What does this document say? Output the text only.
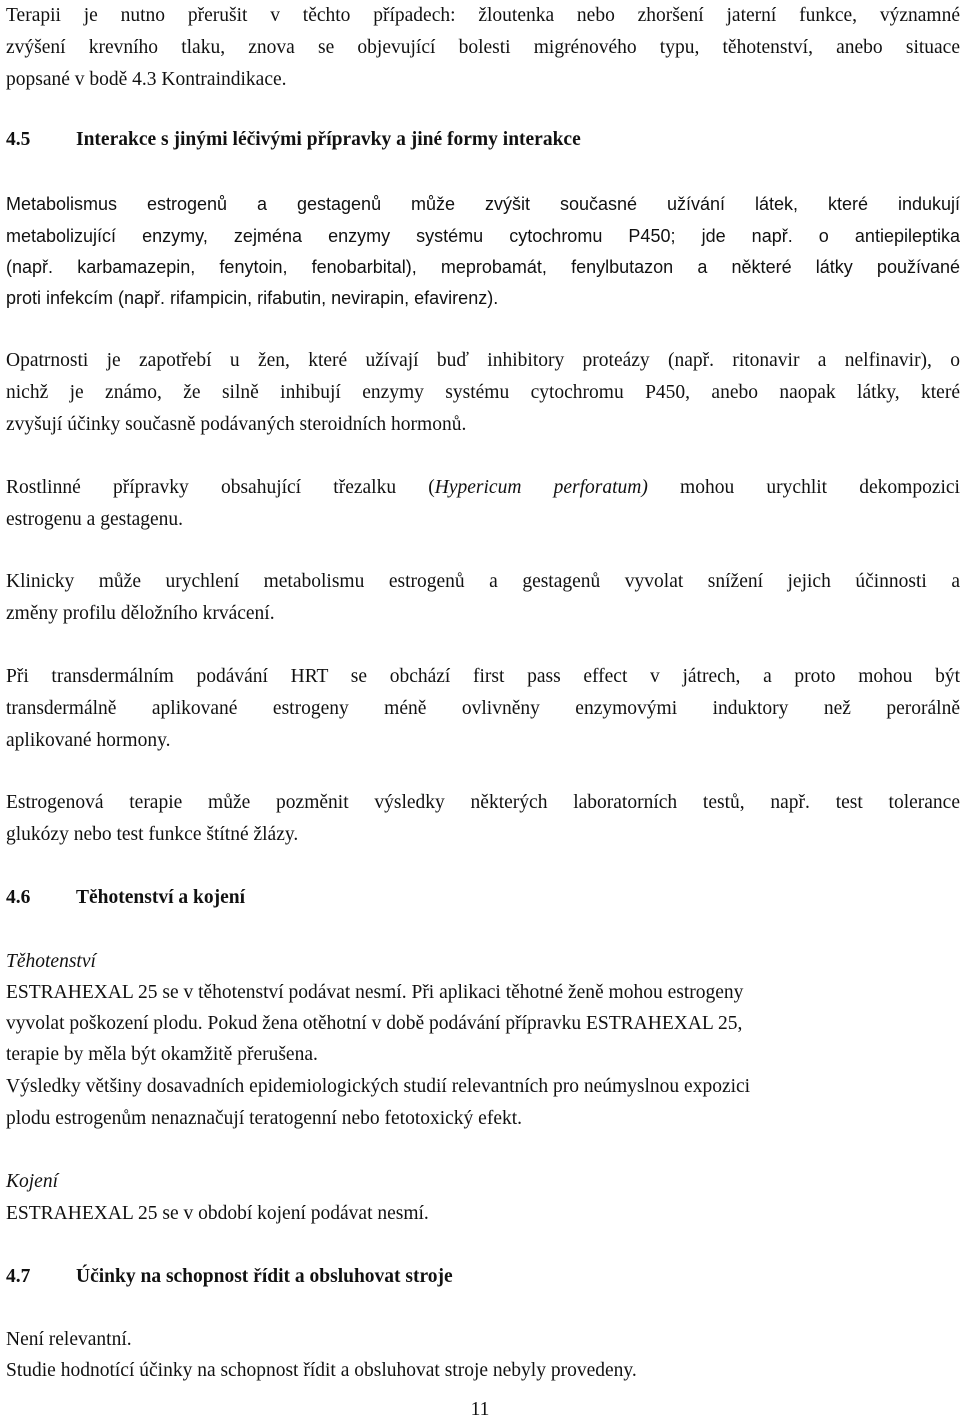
Terapii je nutno přerušit v těchto případech: žloutenka nebo zhoršení jaterní funkce, významné
zvýšení krevního tlaku, znova se objevující bolesti migrénového typu, těhotenství, anebo situace
popsané v bodě 4.3 Kontraindikace.
4.5 Interakce s jinými léčivými přípravky a jiné formy interakce
Metabolismus estrogenů a gestagenů může zvýšit současné užívání látek, které indukují
metabolizující enzymy, zejména enzymy systému cytochromu P450; jde např. o antiepileptika
(např. karbamazepin, fenytoin, fenobarbital), meprobamát, fenylbutazon a některé látky používané
proti infekcím (např. rifampicin, rifabutin, nevirapin, efavirenz).
Opatrnosti je zapotřebí u žen, které užívají buď inhibitory proteázy (např. ritonavir a nelfinavir), o
nichž je známo, že silně inhibují enzymy systému cytochromu P450, anebo naopak látky, které
zvyšují účinky současně podávaných steroidních hormonů.
Rostlinné přípravky obsahující třezalku (Hypericum perforatum) mohou urychlit dekompozici
estrogenu a gestagenu.
Klinicky může urychlení metabolismu estrogenů a gestagenů vyvolat snížení jejich účinnosti a
změny profilu děložního krvácení.
Při transdermálním podávání HRT se obchází first pass effect v játrech, a proto mohou být
transdermálně aplikované estrogeny méně ovlivněny enzymovými induktory než perorálně
aplikované hormony.
Estrogenová terapie může pozměnit výsledky některých laboratorních testů, např. test tolerance
glukózy nebo test funkce štítné žlázy.
4.6 Těhotenství a kojení
Těhotenství
ESTRAHEXAL 25 se v těhotenství podávat nesmí. Při aplikaci těhotné ženě mohou estrogeny
vyvolat poškození plodu. Pokud žena otěhotní v době podávání přípravku ESTRAHEXAL 25,
terapie by měla být okamžitě přerušena.
Výsledky většiny dosavadních epidemiologických studií relevantních pro neúmyslnou expozici
plodu estrogenům nenaznačují teratogenní nebo fetotoxický efekt.
Kojení
ESTRAHEXAL 25 se v období kojení podávat nesmí.
4.7 Účinky na schopnost řídit a obsluhovat stroje
Není relevantní.
Studie hodnotící účinky na schopnost řídit a obsluhovat stroje nebyly provedeny.
11
